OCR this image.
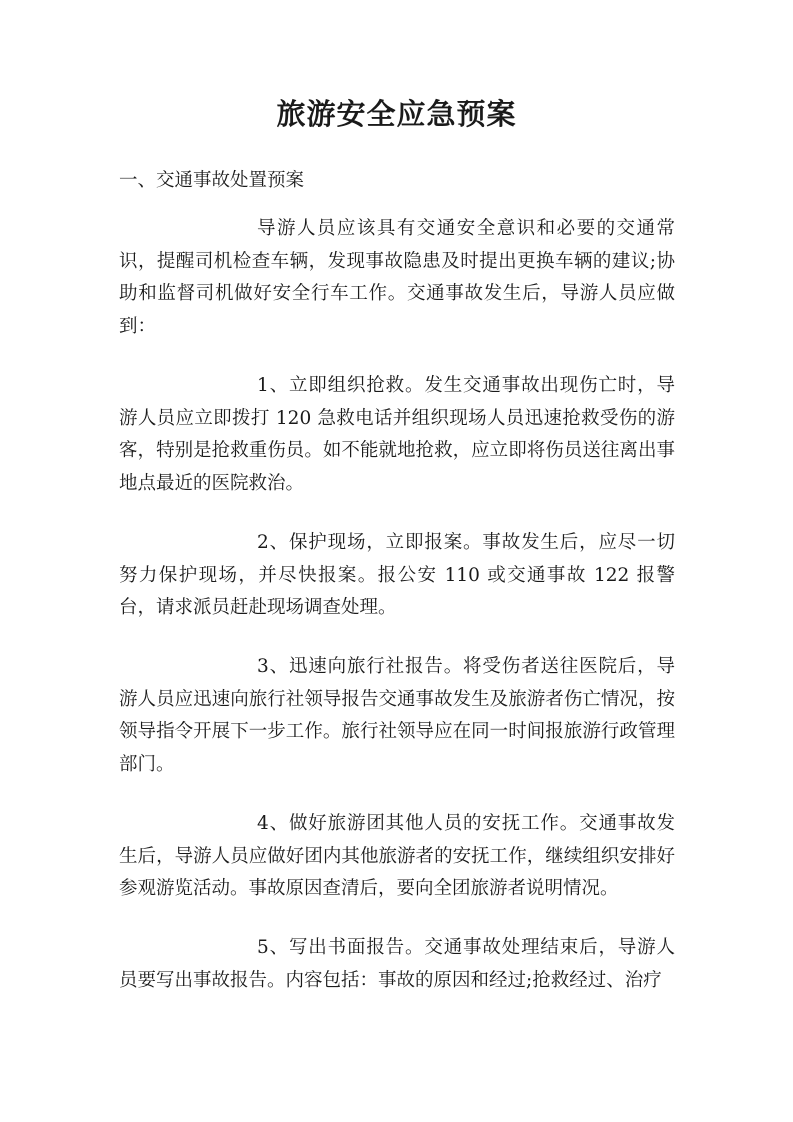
旅游安全应急预案

一、交通事故处置预案

导游人员应该具有交通安全意识和必要的交通常识，提醒司机检查车辆，发现事故隐患及时提出更换车辆的建议;协助和监督司机做好安全行车工作。交通事故发生后，导游人员应做到：

1、立即组织抢救。发生交通事故出现伤亡时，导游人员应立即拨打 120 急救电话并组织现场人员迅速抢救受伤的游客，特别是抢救重伤员。如不能就地抢救，应立即将伤员送往离出事地点最近的医院救治。

2、保护现场，立即报案。事故发生后，应尽一切努力保护现场，并尽快报案。报公安 110 或交通事故 122 报警台，请求派员赶赴现场调查处理。

3、迅速向旅行社报告。将受伤者送往医院后，导游人员应迅速向旅行社领导报告交通事故发生及旅游者伤亡情况，按领导指令开展下一步工作。旅行社领导应在同一时间报旅游行政管理部门。

4、做好旅游团其他人员的安抚工作。交通事故发生后，导游人员应做好团内其他旅游者的安抚工作，继续组织安排好参观游览活动。事故原因查清后，要向全团旅游者说明情况。

5、写出书面报告。交通事故处理结束后，导游人员要写出事故报告。内容包括：事故的原因和经过;抢救经过、治疗
